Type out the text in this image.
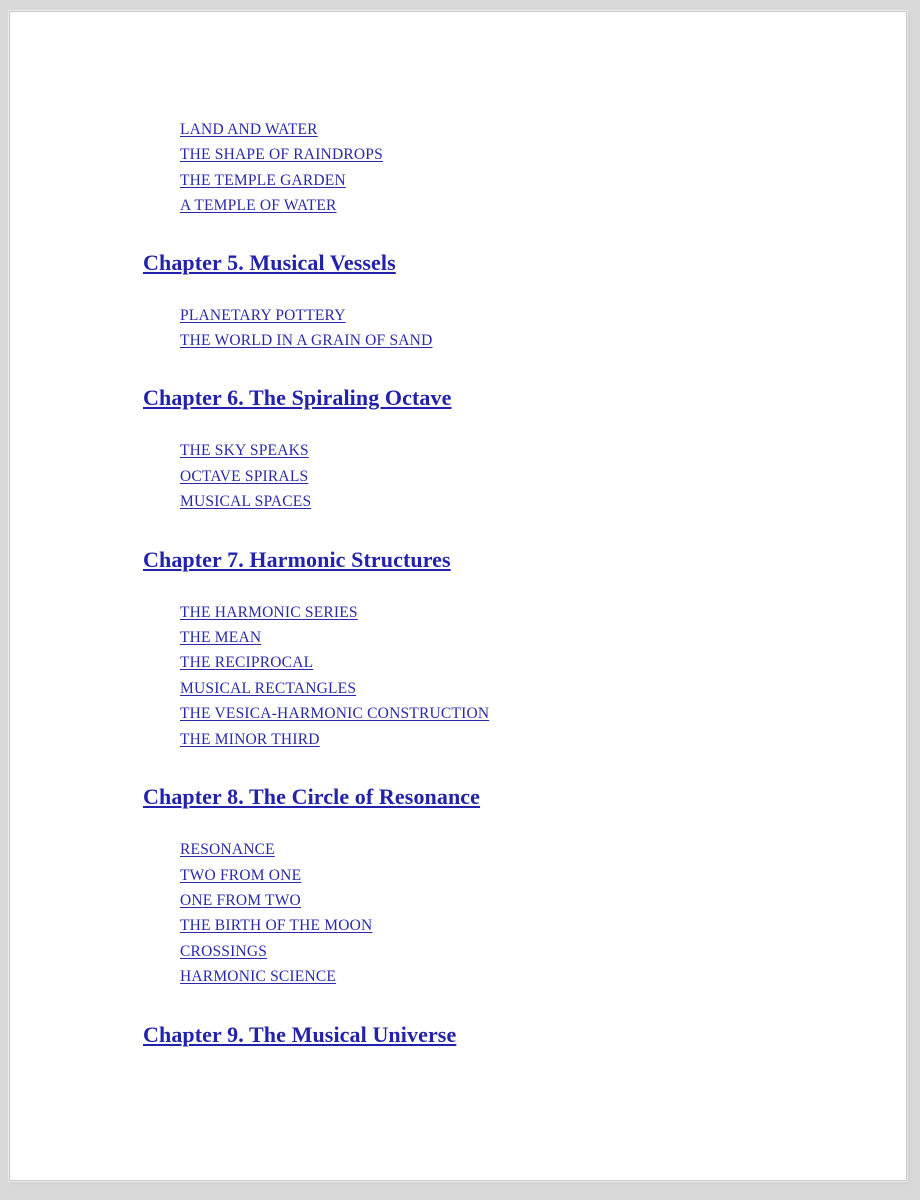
LAND AND WATER
THE SHAPE OF RAINDROPS
THE TEMPLE GARDEN
A TEMPLE OF WATER
Chapter 5. Musical Vessels
PLANETARY POTTERY
THE WORLD IN A GRAIN OF SAND
Chapter 6. The Spiraling Octave
THE SKY SPEAKS
OCTAVE SPIRALS
MUSICAL SPACES
Chapter 7. Harmonic Structures
THE HARMONIC SERIES
THE MEAN
THE RECIPROCAL
MUSICAL RECTANGLES
THE VESICA-HARMONIC CONSTRUCTION
THE MINOR THIRD
Chapter 8. The Circle of Resonance
RESONANCE
TWO FROM ONE
ONE FROM TWO
THE BIRTH OF THE MOON
CROSSINGS
HARMONIC SCIENCE
Chapter 9. The Musical Universe
